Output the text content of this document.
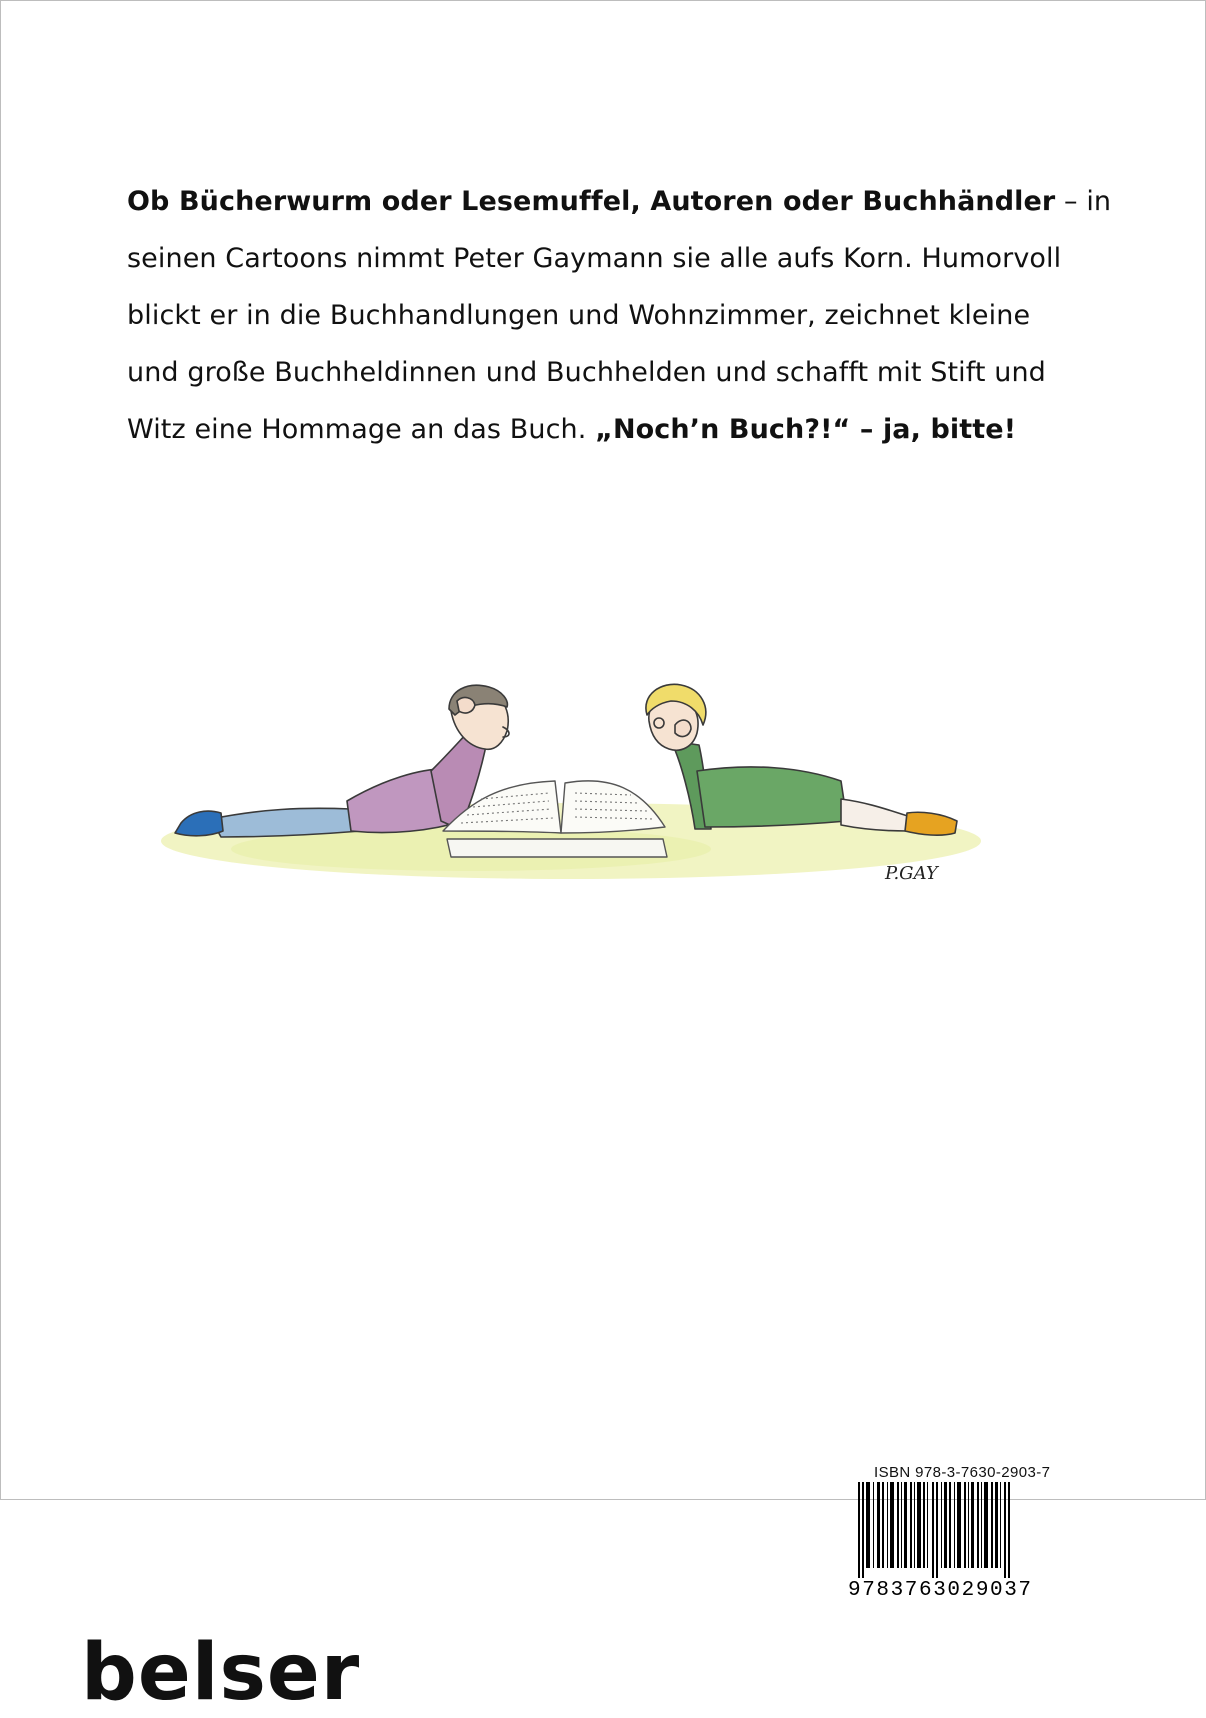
Ob Bücherwurm oder Lesemuffel, Autoren oder Buchhändler – in
seinen Cartoons nimmt Peter Gaymann sie alle aufs Korn. Humorvoll
blickt er in die Buchhandlungen und Wohnzimmer, zeichnet kleine
und große Buchheldinnen und Buchhelden und schafft mit Stift und
Witz eine Hommage an das Buch. „Noch’n Buch?!“ – ja, bitte!

P.GAY

ISBN 978-3-7630-2903-7

9783763029037

belser
